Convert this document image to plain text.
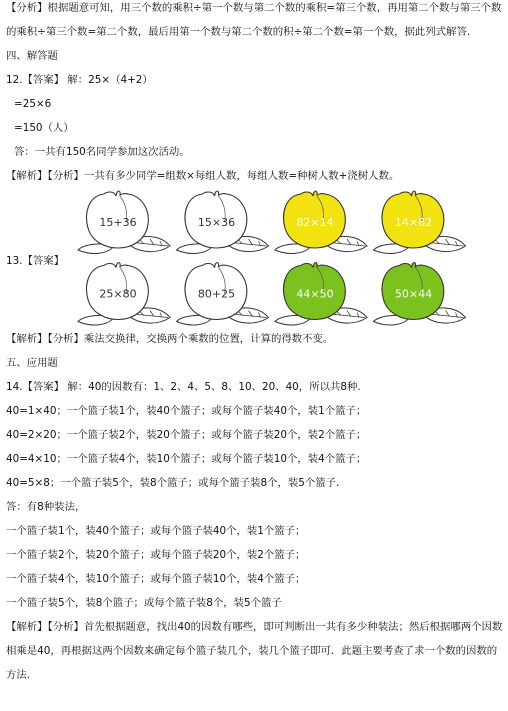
【分析】根据题意可知，用三个数的乘积÷第一个数与第二个数的乘积=第三个数，再用第二个数与第三个数的乘积÷第三个数=第二个数，最后用第一个数与第二个数的积÷第二个数=第一个数，据此列式解答.
四、解答题
12.【答案】 解：25×（4+2）
=25×6
=150（人）
答：一共有150名同学参加这次活动。
【解析】【分析】一共有多少同学=组数×每组人数，每组人数=种树人数+浇树人数。
13.【答案】
15+36	15×36	82×14	14×82
25×80	80+25	44×50	50×44
【解析】【分析】乘法交换律，交换两个乘数的位置，计算的得数不变。
五、应用题
14.【答案】 解：40的因数有：1、2、4、5、8、10、20、40，所以共8种.
40=1×40；一个篮子装1个，装40个篮子；或每个篮子装40个，装1个篮子；
40=2×20；一个篮子装2个，装20个篮子；或每个篮子装20个，装2个篮子；
40=4×10；一个篮子装4个，装10个篮子；或每个篮子装10个，装4个篮子；
40=5×8；一个篮子装5个，装8个篮子；或每个篮子装8个，装5个篮子.
答：有8种装法，
一个篮子装1个，装40个篮子；或每个篮子装40个，装1个篮子；
一个篮子装2个，装20个篮子；或每个篮子装20个，装2个篮子；
一个篮子装4个，装10个篮子；或每个篮子装10个，装4个篮子；
一个篮子装5个，装8个篮子；或每个篮子装8个，装5个篮子
【解析】【分析】首先根据题意，找出40的因数有哪些，即可判断出一共有多少种装法；然后根据哪两个因数相乘是40，再根据这两个因数来确定每个篮子装几个，装几个篮子即可．此题主要考查了求一个数的因数的方法.
